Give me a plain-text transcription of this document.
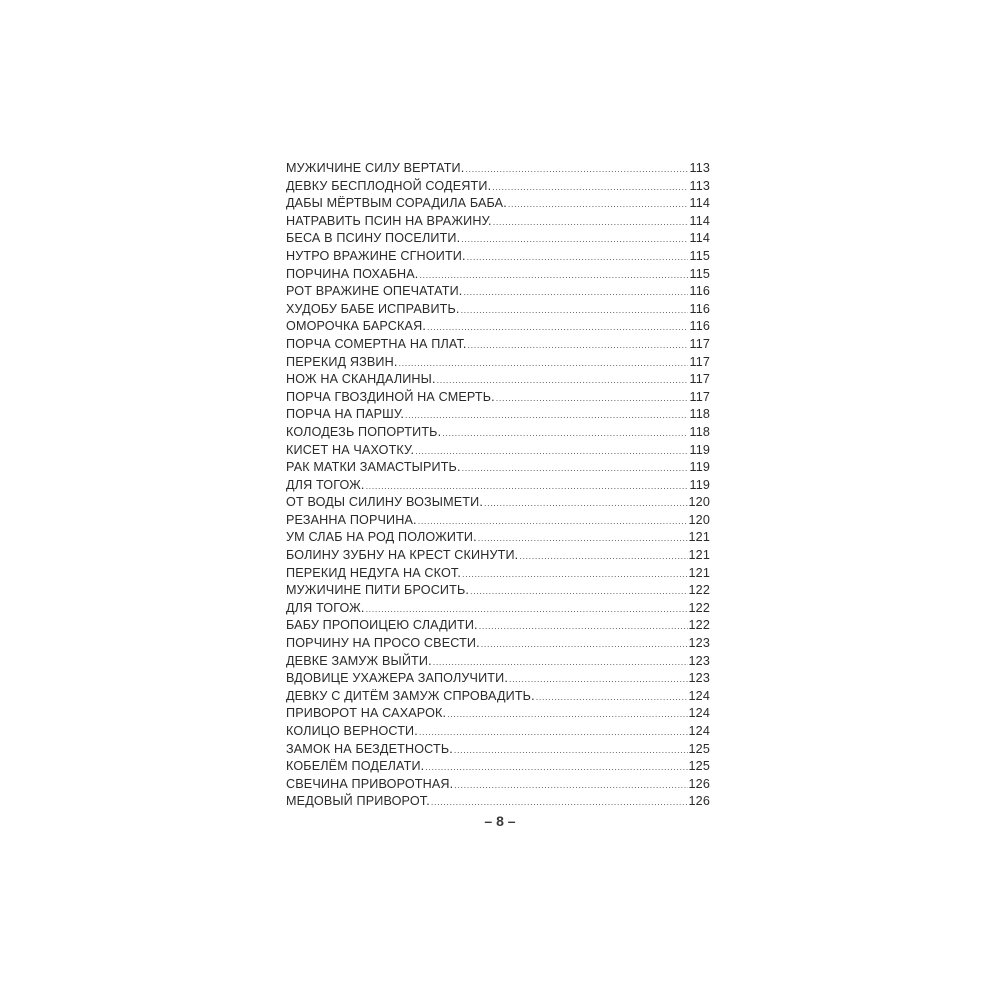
МУЖИЧИНЕ СИЛУ ВЕРТАТИ. .....	113
ДЕВКУ БЕСПЛОДНОЙ СОДЕЯТИ. .....	113
ДАБЫ МЁРТВЫМ СОРАДИЛА БАБА. .....	114
НАТРАВИТЬ ПСИН НА ВРАЖИНУ. .....	114
БЕСА В ПСИНУ ПОСЕЛИТИ. .....	114
НУТРО ВРАЖИНЕ СГНОИТИ. .....	115
ПОРЧИНА ПОХАБНА. .....	115
РОТ ВРАЖИНЕ ОПЕЧАТАТИ. .....	116
ХУДОБУ БАБЕ ИСПРАВИТЬ. .....	116
ОМОРОЧКА БАРСКАЯ. .....	116
ПОРЧА СОМЕРТНА НА ПЛАТ. .....	117
ПЕРЕКИД ЯЗВИН. .....	117
НОЖ НА СКАНДАЛИНЫ. .....	117
ПОРЧА ГВОЗДИНОЙ НА СМЕРТЬ. .....	117
ПОРЧА НА ПАРШУ. .....	118
КОЛОДЕЗЬ ПОПОРТИТЬ. .....	118
КИСЕТ НА ЧАХОТКУ. .....	119
РАК МАТКИ ЗАМАСТЫРИТЬ. .....	119
ДЛЯ ТОГОЖ. .....	119
ОТ ВОДЫ СИЛИНУ ВОЗЫМЕТИ. .....	120
РЕЗАННА ПОРЧИНА. .....	120
УМ СЛАБ НА РОД ПОЛОЖИТИ. .....	121
БОЛИНУ ЗУБНУ НА КРЕСТ СКИНУТИ. .....	121
ПЕРЕКИД НЕДУГА НА СКОТ. .....	121
МУЖИЧИНЕ ПИТИ БРОСИТЬ. .....	122
ДЛЯ ТОГОЖ. .....	122
БАБУ ПРОПОИЦЕЮ СЛАДИТИ. .....	122
ПОРЧИНУ НА ПРОСО СВЕСТИ. .....	123
ДЕВКЕ ЗАМУЖ ВЫЙТИ. .....	123
ВДОВИЦЕ УХАЖЕРА ЗАПОЛУЧИТИ. .....	123
ДЕВКУ С ДИТЁМ ЗАМУЖ СПРОВАДИТЬ. .....	124
ПРИВОРОТ НА САХАРОК. .....	124
КОЛИЦО ВЕРНОСТИ. .....	124
ЗАМОК НА БЕЗДЕТНОСТЬ. .....	125
КОБЕЛЁМ ПОДЕЛАТИ. .....	125
СВЕЧИНА ПРИВОРОТНАЯ. .....	126
МЕДОВЫЙ ПРИВОРОТ. .....	126
– 8 –
